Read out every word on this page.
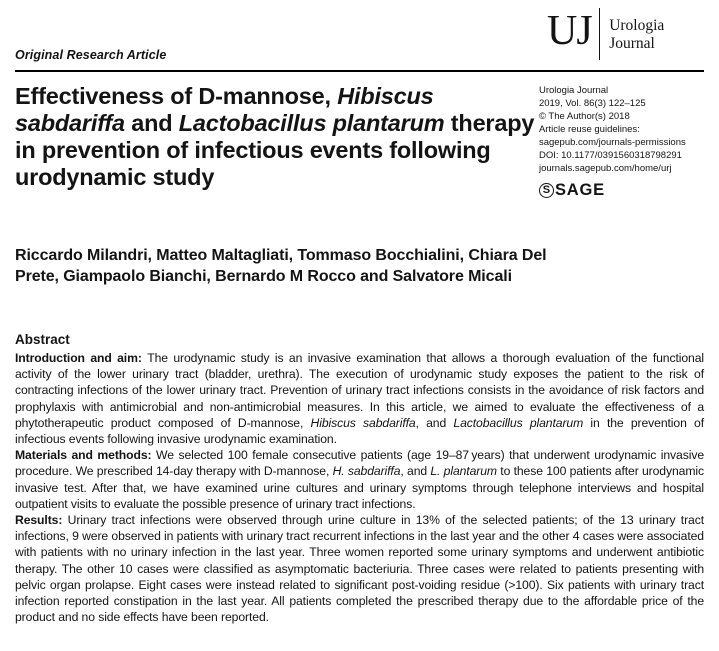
Original Research Article
UJ Urologia
Journal
Effectiveness of D-mannose, Hibiscus sabdariffa and Lactobacillus plantarum therapy in prevention of infectious events following urodynamic study
Urologia Journal
2019, Vol. 86(3) 122–125
© The Author(s) 2018
Article reuse guidelines:
sagepub.com/journals-permissions
DOI: 10.1177/0391560318798291
journals.sagepub.com/home/urj
S SAGE
Riccardo Milandri, Matteo Maltagliati, Tommaso Bocchialini, Chiara Del Prete, Giampaolo Bianchi, Bernardo M Rocco and Salvatore Micali
Abstract

Introduction and aim: The urodynamic study is an invasive examination that allows a thorough evaluation of the functional activity of the lower urinary tract (bladder, urethra). The execution of urodynamic study exposes the patient to the risk of contracting infections of the lower urinary tract. Prevention of urinary tract infections consists in the avoidance of risk factors and prophylaxis with antimicrobial and non-antimicrobial measures. In this article, we aimed to evaluate the effectiveness of a phytotherapeutic product composed of D-mannose, Hibiscus sabdariffa, and Lactobacillus plantarum in the prevention of infectious events following invasive urodynamic examination.

Materials and methods: We selected 100 female consecutive patients (age 19–87 years) that underwent urodynamic invasive procedure. We prescribed 14-day therapy with D-mannose, H. sabdariffa, and L. plantarum to these 100 patients after urodynamic invasive test. After that, we have examined urine cultures and urinary symptoms through telephone interviews and hospital outpatient visits to evaluate the possible presence of urinary tract infections.

Results: Urinary tract infections were observed through urine culture in 13% of the selected patients; of the 13 urinary tract infections, 9 were observed in patients with urinary tract recurrent infections in the last year and the other 4 cases were associated with patients with no urinary infection in the last year. Three women reported some urinary symptoms and underwent antibiotic therapy. The other 10 cases were classified as asymptomatic bacteriuria. Three cases were related to patients presenting with pelvic organ prolapse. Eight cases were instead related to significant post-voiding residue (>100). Six patients with urinary tract infection reported constipation in the last year. All patients completed the prescribed therapy due to the affordable price of the product and no side effects have been reported.
